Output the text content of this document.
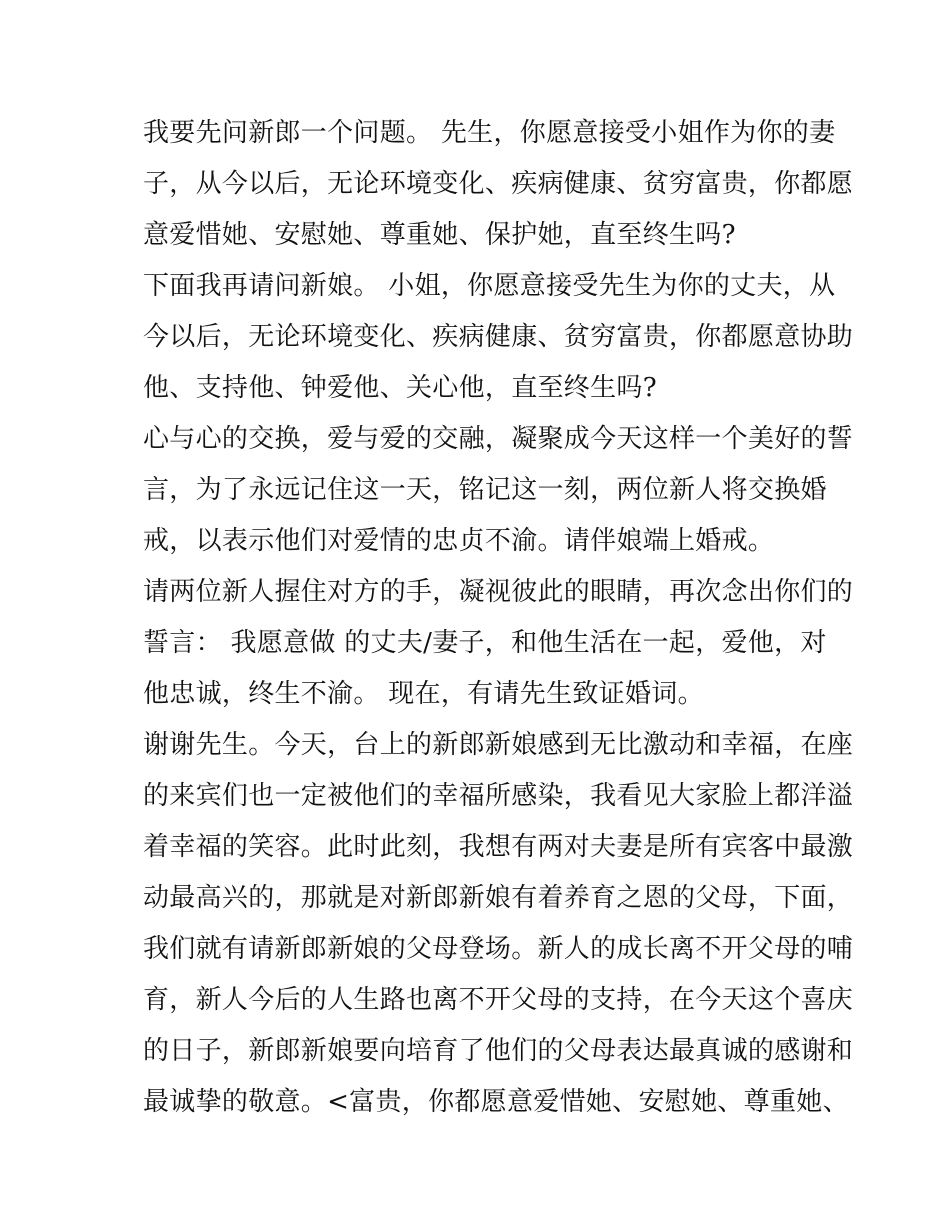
我要先问新郎一个问题。 先生，你愿意接受小姐作为你的妻
子，从今以后，无论环境变化、疾病健康、贫穷富贵，你都愿
意爱惜她、安慰她、尊重她、保护她，直至终生吗?
下面我再请问新娘。 小姐，你愿意接受先生为你的丈夫，从
今以后，无论环境变化、疾病健康、贫穷富贵，你都愿意协助
他、支持他、钟爱他、关心他，直至终生吗?
心与心的交换，爱与爱的交融，凝聚成今天这样一个美好的誓
言，为了永远记住这一天，铭记这一刻，两位新人将交换婚
戒，以表示他们对爱情的忠贞不渝。请伴娘端上婚戒。
请两位新人握住对方的手，凝视彼此的眼睛，再次念出你们的
誓言： 我愿意做 的丈夫/妻子，和他生活在一起，爱他，对
他忠诚，终生不渝。 现在，有请先生致证婚词。
谢谢先生。今天，台上的新郎新娘感到无比激动和幸福，在座
的来宾们也一定被他们的幸福所感染，我看见大家脸上都洋溢
着幸福的笑容。此时此刻，我想有两对夫妻是所有宾客中最激
动最高兴的，那就是对新郎新娘有着养育之恩的父母，下面，
我们就有请新郎新娘的父母登场。新人的成长离不开父母的哺
育，新人今后的人生路也离不开父母的支持，在今天这个喜庆
的日子，新郎新娘要向培育了他们的父母表达最真诚的感谢和
最诚挚的敬意。<富贵，你都愿意爱惜她、安慰她、尊重她、
